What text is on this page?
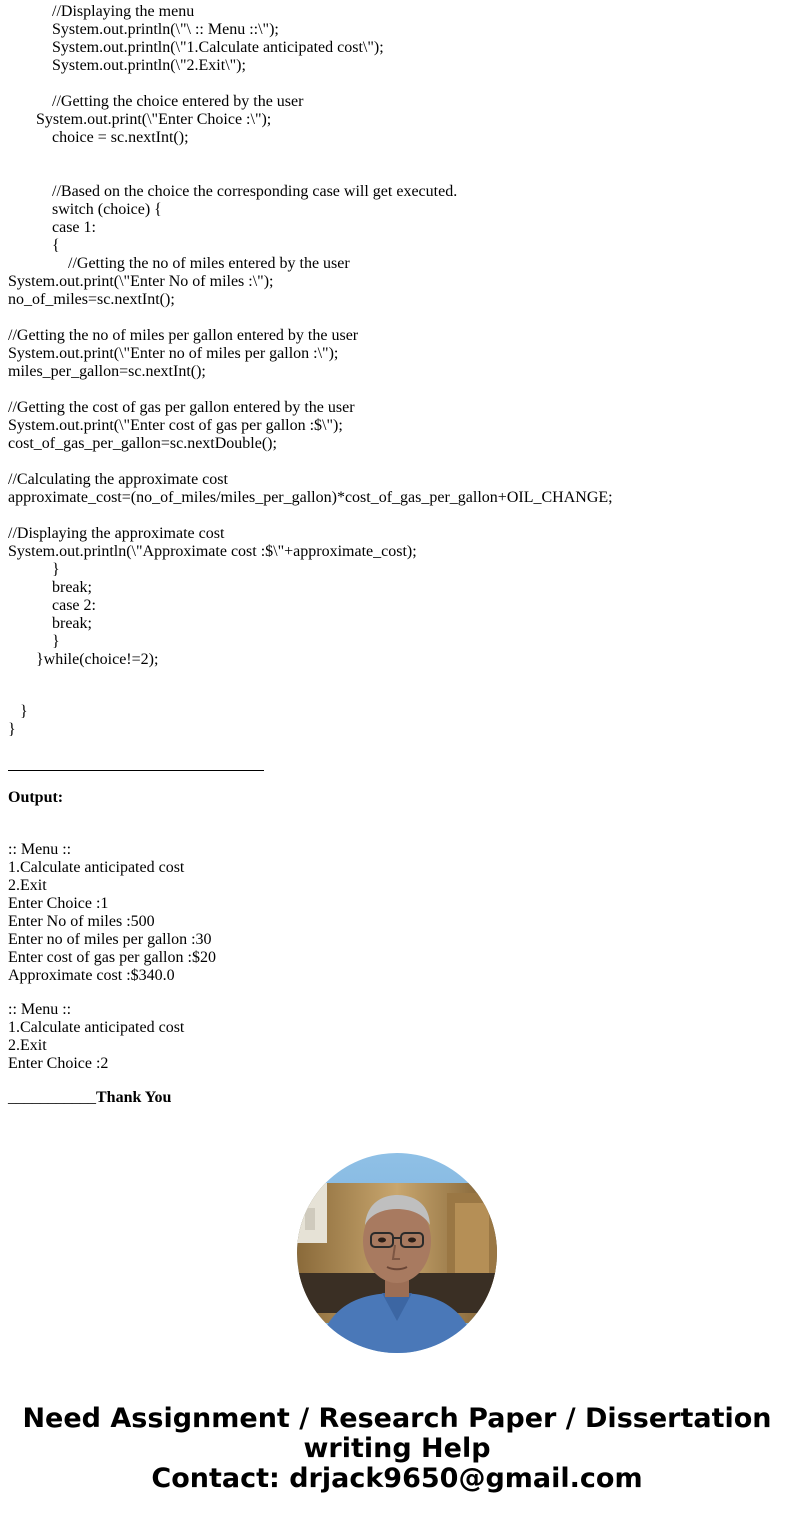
//Displaying the menu
System.out.println(\"\ :: Menu ::\");
System.out.println(\"1.Calculate anticipated cost\");
System.out.println(\"2.Exit\");
//Getting the choice entered by the user
System.out.print(\"Enter Choice :\");
choice = sc.nextInt();
//Based on the choice the corresponding case will get executed.
switch (choice) {
case 1:
{
//Getting the no of miles entered by the user
System.out.print(\"Enter No of miles :\");
no_of_miles=sc.nextInt();
//Getting the no of miles per gallon entered by the user
System.out.print(\"Enter no of miles per gallon :\");
miles_per_gallon=sc.nextInt();
//Getting the cost of gas per gallon entered by the user
System.out.print(\"Enter cost of gas per gallon :$\");
cost_of_gas_per_gallon=sc.nextDouble();
//Calculating the approximate cost
approximate_cost=(no_of_miles/miles_per_gallon)*cost_of_gas_per_gallon+OIL_CHANGE;
//Displaying the approximate cost
System.out.println(\"Approximate cost :$\"+approximate_cost);
}
break;
case 2:
break;
}
}while(choice!=2);
}
}
Output:
:: Menu ::
1.Calculate anticipated cost
2.Exit
Enter Choice :1
Enter No of miles :500
Enter no of miles per gallon :30
Enter cost of gas per gallon :$20
Approximate cost :$340.0
:: Menu ::
1.Calculate anticipated cost
2.Exit
Enter Choice :2
___________Thank You
Need Assignment / Research Paper / Dissertation
writing Help
Contact: drjack9650@gmail.com
